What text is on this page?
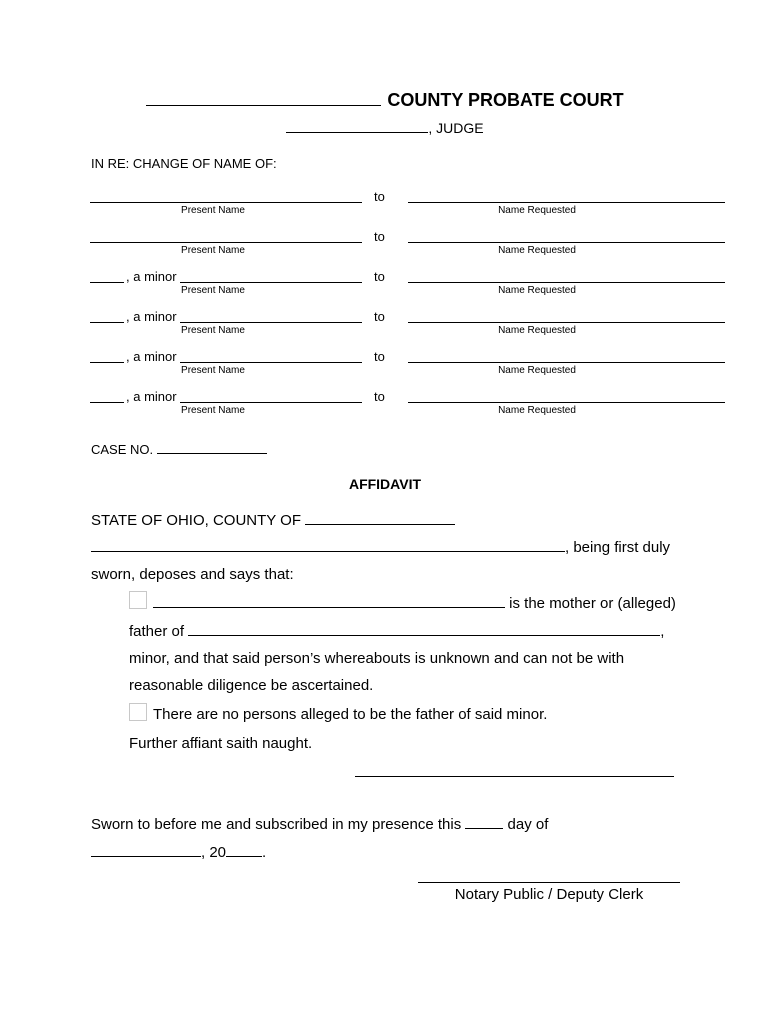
COUNTY PROBATE COURT
, JUDGE
IN RE: CHANGE OF NAME OF:
to
Present Name	Name Requested
to
Present Name	Name Requested
, a minor	to
Present Name	Name Requested
, a minor	to
Present Name	Name Requested
, a minor	to
Present Name	Name Requested
, a minor	to
Present Name	Name Requested
CASE NO.
AFFIDAVIT
STATE OF OHIO, COUNTY OF
, being first duly
sworn, deposes and says that:
is the mother or (alleged)
father of	,
minor, and that said person’s whereabouts is unknown and can not be with
reasonable diligence be ascertained.
There are no persons alleged to be the father of said minor.
Further affiant saith naught.
Sworn to before me and subscribed in my presence this	day of
, 20 .
Notary Public / Deputy Clerk
